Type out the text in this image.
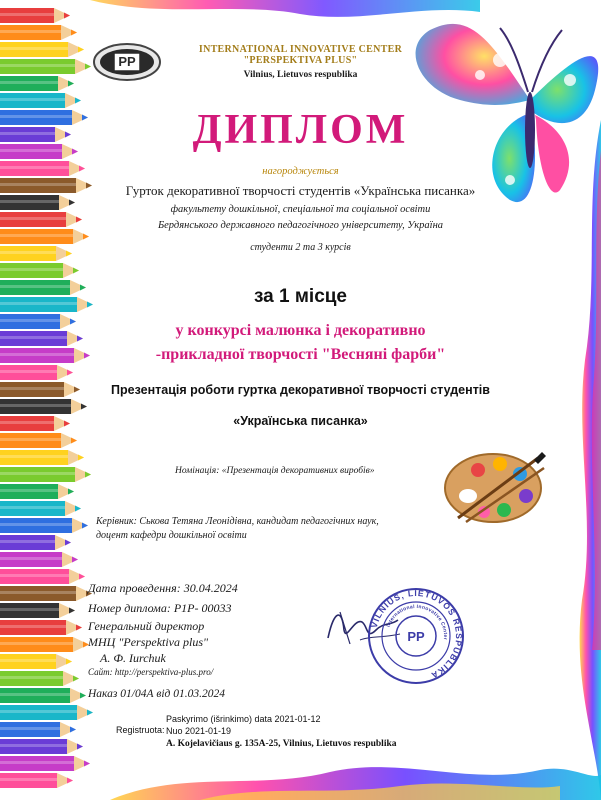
PP
INTERNATIONAL INNOVATIVE CENTER
"PERSPEKTIVA PLUS"
Vilnius, Lietuvos respublika
ДИПЛОМ
нагороджується
Гурток декоративної творчості студентів «Українська писанка»
факультету дошкільної, спеціальної та соціальної освіти
Бердянського державного педагогічного університету, Україна
студенти 2 та 3 курсів
за 1 місце
у конкурсі малюнка і декоративно
-прикладної творчості "Весняні фарби"
Презентація роботи гуртка декоративної творчості студентів
«Українська писанка»
Номінація: «Презентація декоративних виробів»
Керівник: Ськова Тетяна Леонідівна, кандидат педагогічних наук,
доцент кафедри дошкільної освіти
Дата проведення: 30.04.2024
Номер диплома: P1P- 00033
Генеральний директор
МНЦ "Perspektiva plus"
А. Ф. Iurchuk
Сайт: http://perspektiva-plus.pro/
Наказ 01/04А від 01.03.2024
VILNIUS, LIETUVOS RESPUBLIKA
International Innovative Center
PP
Registruota:
Paskyrimo (išrinkimo) data 2021-01-12
Nuo 2021-01-19
A. Kojelavičiaus g. 135A-25, Vilnius, Lietuvos respublika
